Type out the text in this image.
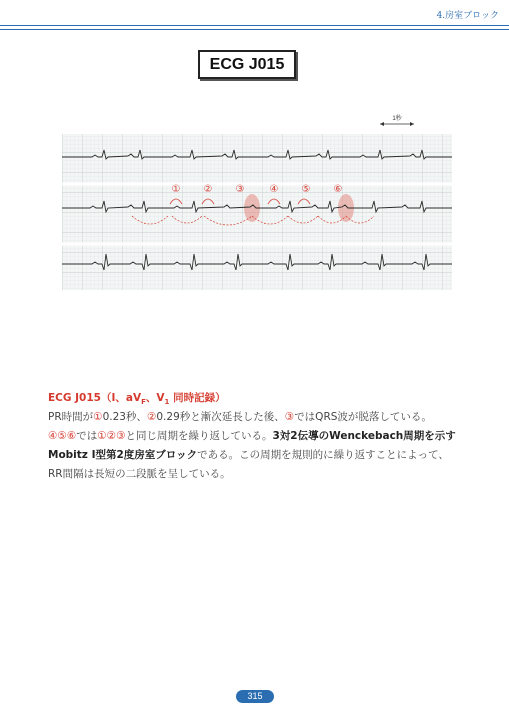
4.房室ブロック
ECG J015
1秒
① ② ③	④ ⑤ ⑥
ECG J015（Ⅰ、$aV_F$、$V_1$ 同時記録）
PR時間が①0.23秒、②0.29秒と漸次延長した後、③ではQRS波が脱落している。
④⑤⑥では①②③と同じ周期を繰り返している。3対2伝導のWenckebach周期を示すMobitz Ⅰ型第2度房室ブロックである。この周期を規則的に繰り返すことによって、RR間隔は長短の二段脈を呈している。
315
